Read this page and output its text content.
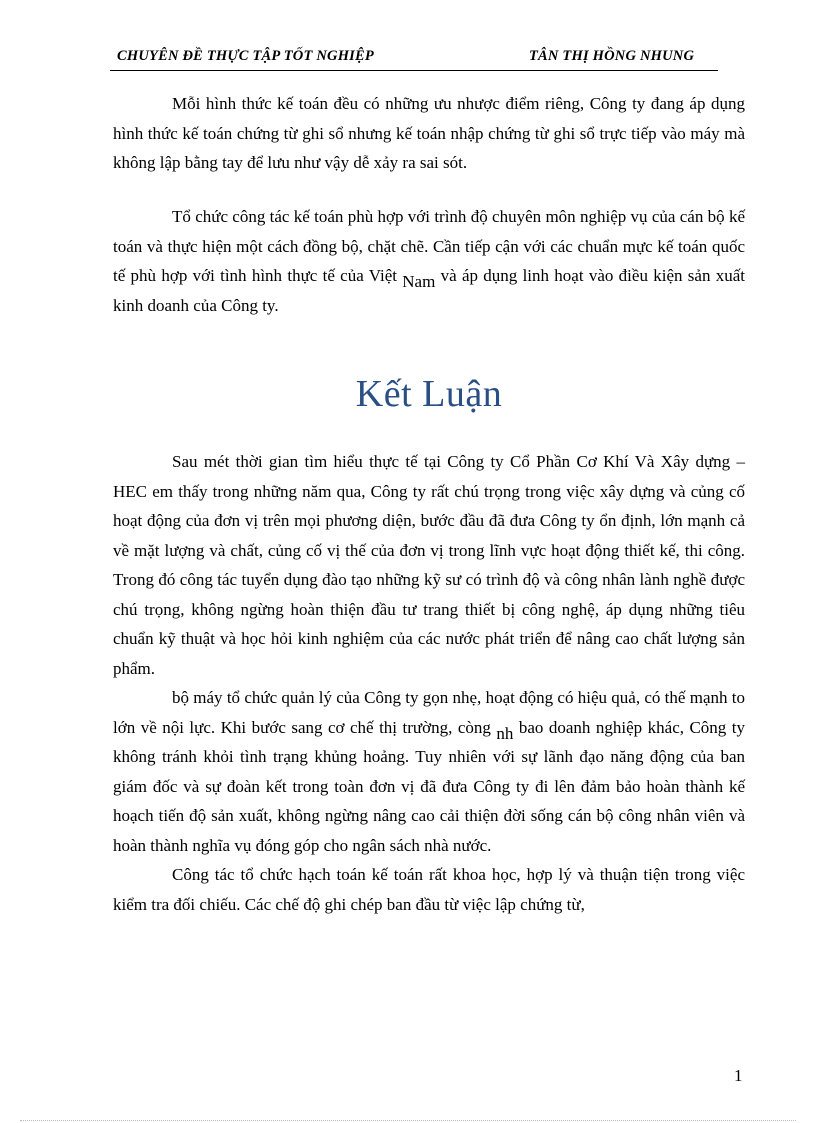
CHUYÊN ĐỀ THỰC TẬP TỐT NGHIỆP	TÂN THỊ HỒNG NHUNG

Mỗi hình thức kế toán đều có những ưu nhược điểm riêng, Công ty đang áp dụng hình thức kế toán chứng từ ghi sổ nhưng kế toán nhập chứng từ ghi sổ trực tiếp vào máy mà không lập bằng tay để lưu như vậy dễ xảy ra sai sót.

Tổ chức công tác kế toán phù hợp với trình độ chuyên môn nghiệp vụ của cán bộ kế toán và thực hiện một cách đồng bộ, chặt chẽ. Cần tiếp cận với các chuẩn mực kế toán quốc tế phù hợp với tình hình thực tế của Việt Nam và áp dụng linh hoạt vào điều kiện sản xuất kinh doanh của Công ty.

Kết Luận

Sau mét thời gian tìm hiểu thực tế tại Công ty Cổ Phần Cơ Khí Và Xây dựng – HEC em thấy trong những năm qua, Công ty rất chú trọng trong việc xây dựng và củng cố hoạt động của đơn vị trên mọi phương diện, bước đầu đã đưa Công ty ổn định, lớn mạnh cả về mặt lượng và chất, củng cố vị thế của đơn vị trong lĩnh vực hoạt động thiết kế, thi công. Trong đó công tác tuyển dụng đào tạo những kỹ sư có trình độ và công nhân lành nghề được chú trọng, không ngừng hoàn thiện đầu tư trang thiết bị công nghệ, áp dụng những tiêu chuẩn kỹ thuật và học hỏi kinh nghiệm của các nước phát triển để nâng cao chất lượng sản phẩm.

bộ máy tổ chức quản lý của Công ty gọn nhẹ, hoạt động có hiệu quả, có thế mạnh to lớn về nội lực. Khi bước sang cơ chế thị trường, còng nh bao doanh nghiệp khác, Công ty không tránh khỏi tình trạng khủng hoảng. Tuy nhiên với sự lãnh đạo năng động của ban giám đốc và sự đoàn kết trong toàn đơn vị đã đưa Công ty đi lên đảm bảo hoàn thành kế hoạch tiến độ sản xuất, không ngừng nâng cao cải thiện đời sống cán bộ công nhân viên và hoàn thành nghĩa vụ đóng góp cho ngân sách nhà nước.

Công tác tổ chức hạch toán kế toán rất khoa học, hợp lý và thuận tiện trong việc kiểm tra đối chiếu. Các chế độ ghi chép ban đầu từ việc lập chứng từ,

1
